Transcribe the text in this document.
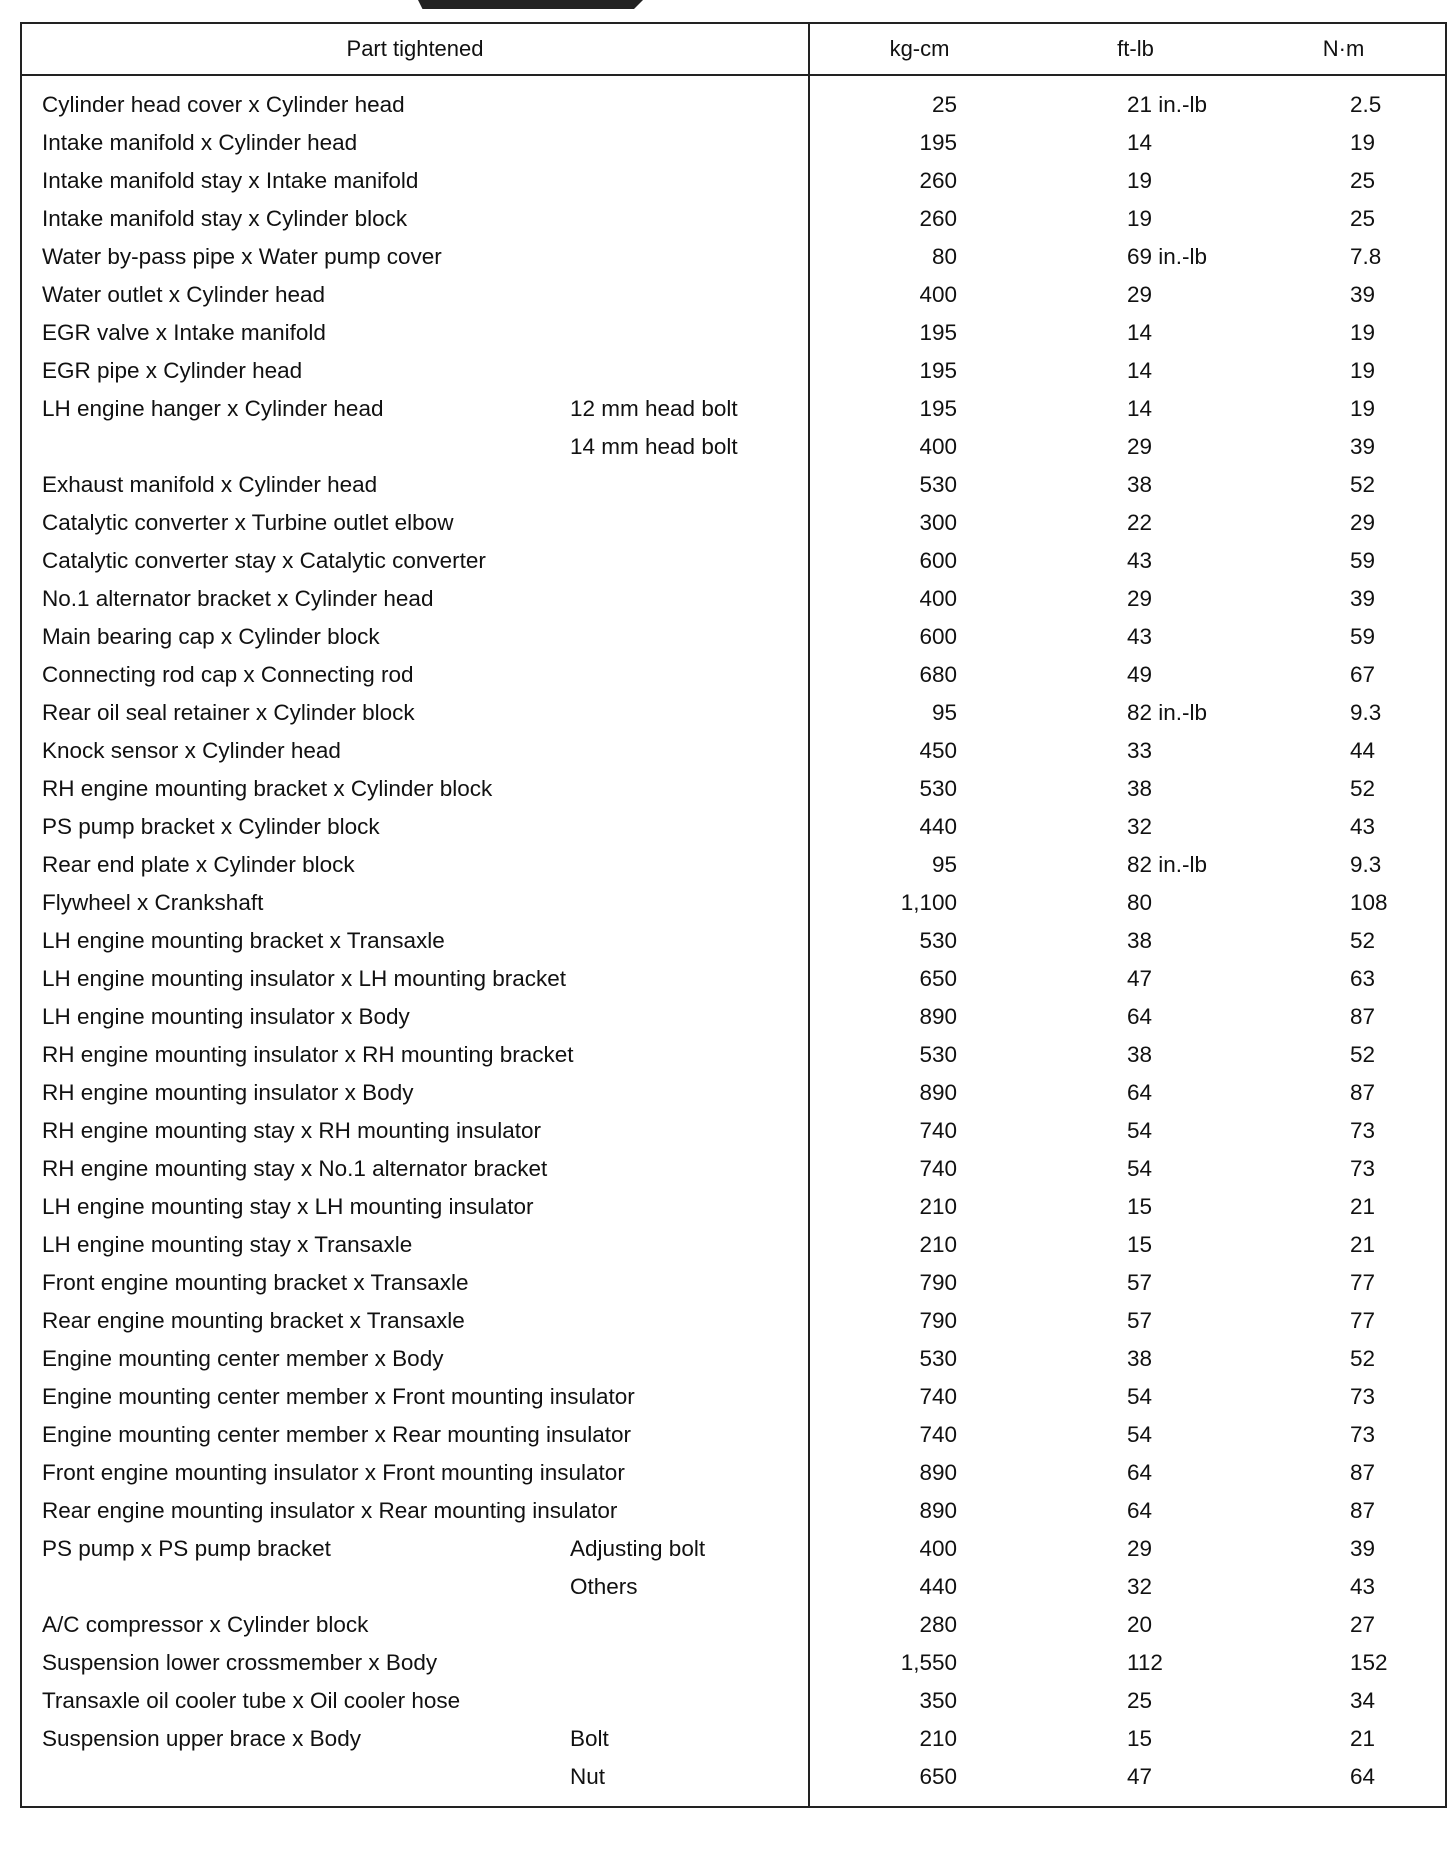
Part tightened		kg-cm	ft-lb	N·m
Cylinder head cover x Cylinder head		25	21 in.-lb	2.5
Intake manifold x Cylinder head		195	14	19
Intake manifold stay x Intake manifold		260	19	25
Intake manifold stay x Cylinder block		260	19	25
Water by-pass pipe x Water pump cover		80	69 in.-lb	7.8
Water outlet x Cylinder head		400	29	39
EGR valve x Intake manifold		195	14	19
EGR pipe x Cylinder head		195	14	19
LH engine hanger x Cylinder head	12 mm head bolt	195	14	19
	14 mm head bolt	400	29	39
Exhaust manifold x Cylinder head		530	38	52
Catalytic converter x Turbine outlet elbow		300	22	29
Catalytic converter stay x Catalytic converter		600	43	59
No.1 alternator bracket x Cylinder head		400	29	39
Main bearing cap x Cylinder block		600	43	59
Connecting rod cap x Connecting rod		680	49	67
Rear oil seal retainer x Cylinder block		95	82 in.-lb	9.3
Knock sensor x Cylinder head		450	33	44
RH engine mounting bracket x Cylinder block		530	38	52
PS pump bracket x Cylinder block		440	32	43
Rear end plate x Cylinder block		95	82 in.-lb	9.3
Flywheel x Crankshaft		1,100	80	108
LH engine mounting bracket x Transaxle		530	38	52
LH engine mounting insulator x LH mounting bracket		650	47	63
LH engine mounting insulator x Body		890	64	87
RH engine mounting insulator x RH mounting bracket		530	38	52
RH engine mounting insulator x Body		890	64	87
RH engine mounting stay x RH mounting insulator		740	54	73
RH engine mounting stay x No.1 alternator bracket		740	54	73
LH engine mounting stay x LH mounting insulator		210	15	21
LH engine mounting stay x Transaxle		210	15	21
Front engine mounting bracket x Transaxle		790	57	77
Rear engine mounting bracket x Transaxle		790	57	77
Engine mounting center member x Body		530	38	52
Engine mounting center member x Front mounting insulator		740	54	73
Engine mounting center member x Rear mounting insulator		740	54	73
Front engine mounting insulator x Front mounting insulator		890	64	87
Rear engine mounting insulator x Rear mounting insulator		890	64	87
PS pump x PS pump bracket	Adjusting bolt	400	29	39
	Others	440	32	43
A/C compressor x Cylinder block		280	20	27
Suspension lower crossmember x Body		1,550	112	152
Transaxle oil cooler tube x Oil cooler hose		350	25	34
Suspension upper brace x Body	Bolt	210	15	21
	Nut	650	47	64
